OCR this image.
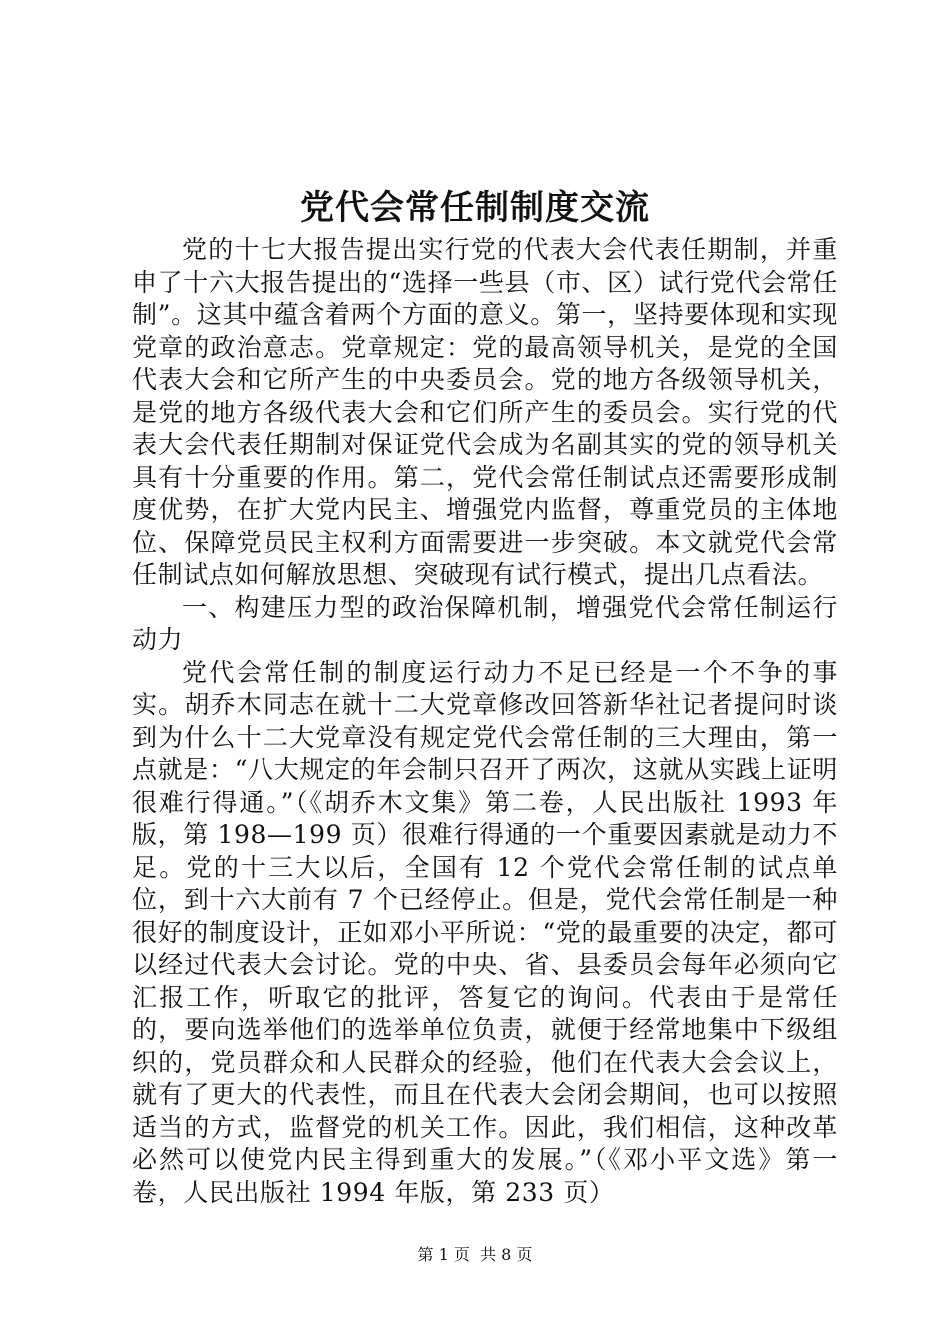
党代会常任制制度交流

党的十七大报告提出实行党的代表大会代表任期制，并重申了十六大报告提出的“选择一些县（市、区）试行党代会常任制”。这其中蕴含着两个方面的意义。第一，坚持要体现和实现党章的政治意志。党章规定：党的最高领导机关，是党的全国代表大会和它所产生的中央委员会。党的地方各级领导机关，是党的地方各级代表大会和它们所产生的委员会。实行党的代表大会代表任期制对保证党代会成为名副其实的党的领导机关具有十分重要的作用。第二，党代会常任制试点还需要形成制度优势，在扩大党内民主、增强党内监督，尊重党员的主体地位、保障党员民主权利方面需要进一步突破。本文就党代会常任制试点如何解放思想、突破现有试行模式，提出几点看法。

一、构建压力型的政治保障机制，增强党代会常任制运行动力

党代会常任制的制度运行动力不足已经是一个不争的事实。胡乔木同志在就十二大党章修改回答新华社记者提问时谈到为什么十二大党章没有规定党代会常任制的三大理由，第一点就是：“八大规定的年会制只召开了两次，这就从实践上证明很难行得通。”（《胡乔木文集》第二卷，人民出版社 1993 年版，第 198—199 页）很难行得通的一个重要因素就是动力不足。党的十三大以后，全国有 12 个党代会常任制的试点单位，到十六大前有 7 个已经停止。但是，党代会常任制是一种很好的制度设计，正如邓小平所说：“党的最重要的决定，都可以经过代表大会讨论。党的中央、省、县委员会每年必须向它汇报工作，听取它的批评，答复它的询问。代表由于是常任的，要向选举他们的选举单位负责，就便于经常地集中下级组织的，党员群众和人民群众的经验，他们在代表大会会议上，就有了更大的代表性，而且在代表大会闭会期间，也可以按照适当的方式，监督党的机关工作。因此，我们相信，这种改革必然可以使党内民主得到重大的发展。”（《邓小平文选》第一卷，人民出版社 1994 年版，第 233 页）

第 1 页 共 8 页
